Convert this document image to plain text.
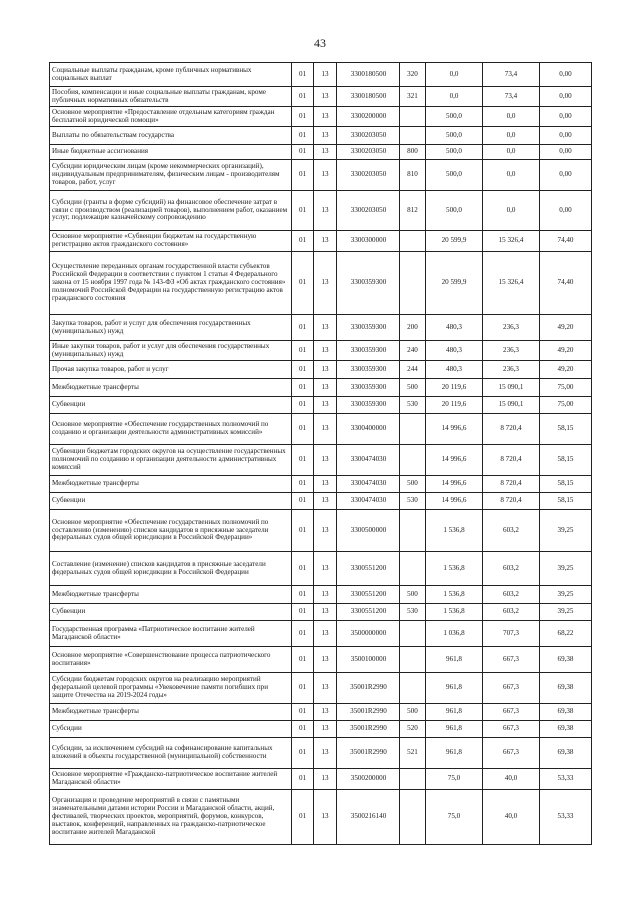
43
Социальные выплаты гражданам, кроме публичных нормативных социальных выплат	01	13	3300180500	320	0,0	73,4	0,00
Пособия, компенсации и иные социальные выплаты гражданам, кроме публичных нормативных обязательств	01	13	3300180500	321	0,0	73,4	0,00
Основное мероприятие «Предоставление отдельным категориям граждан бесплатной юридической помощи»	01	13	3300200000		500,0	0,0	0,00
Выплаты по обязательствам государства	01	13	3300203050		500,0	0,0	0,00
Иные бюджетные ассигнования	01	13	3300203050	800	500,0	0,0	0,00
Субсидии юридическим лицам (кроме некоммерческих организаций), индивидуальным предпринимателям, физическим лицам - производителям товаров, работ, услуг	01	13	3300203050	810	500,0	0,0	0,00
Субсидии (гранты в форме субсидий) на финансовое обеспечение затрат в связи с производством (реализацией товаров), выполнением работ, оказанием услуг, подлежащие казначейскому сопровождению	01	13	3300203050	812	500,0	0,0	0,00
Основное мероприятие «Субвенции бюджетам на государственную регистрацию актов гражданского состояния»	01	13	3300300000		20 599,9	15 326,4	74,40
Осуществление переданных органам государственной власти субъектов Российской Федерации в соответствии с пунктом 1 статьи 4 Федерального закона от 15 ноября 1997 года № 143-ФЗ «Об актах гражданского состояния» полномочий Российской Федерации на государственную регистрацию актов гражданского состояния	01	13	3300359300		20 599,9	15 326,4	74,40
Закупка товаров, работ и услуг для обеспечения государственных (муниципальных) нужд	01	13	3300359300	200	480,3	236,3	49,20
Иные закупки товаров, работ и услуг для обеспечения государственных (муниципальных) нужд	01	13	3300359300	240	480,3	236,3	49,20
Прочая закупка товаров, работ и услуг	01	13	3300359300	244	480,3	236,3	49,20
Межбюджетные трансферты	01	13	3300359300	500	20 119,6	15 090,1	75,00
Субвенции	01	13	3300359300	530	20 119,6	15 090,1	75,00
Основное мероприятие «Обеспечение государственных полномочий по созданию и организации деятельности административных комиссий»	01	13	3300400000		14 996,6	8 720,4	58,15
Субвенции бюджетам городских округов на осуществление государственных полномочий по созданию и организации деятельности административных комиссий	01	13	3300474030		14 996,6	8 720,4	58,15
Межбюджетные трансферты	01	13	3300474030	500	14 996,6	8 720,4	58,15
Субвенции	01	13	3300474030	530	14 996,6	8 720,4	58,15
Основное мероприятие «Обеспечение государственных полномочий по составлению (изменению) списков кандидатов в присяжные заседатели федеральных судов общей юрисдикции в Российской Федерации»	01	13	3300500000		1 536,8	603,2	39,25
Составление (изменение) списков кандидатов в присяжные заседатели федеральных судов общей юрисдикции в Российской Федерации	01	13	3300551200		1 536,8	603,2	39,25
Межбюджетные трансферты	01	13	3300551200	500	1 536,8	603,2	39,25
Субвенции	01	13	3300551200	530	1 536,8	603,2	39,25
Государственная программа «Патриотическое воспитание жителей Магаданской области»	01	13	3500000000		1 036,8	707,3	68,22
Основное мероприятие «Совершенствование процесса патриотического воспитания»	01	13	3500100000		961,8	667,3	69,38
Субсидии бюджетам городских округов на реализацию мероприятий федеральной целевой программы «Увековечение памяти погибших при защите Отечества на 2019-2024 годы»	01	13	35001R2990		961,8	667,3	69,38
Межбюджетные трансферты	01	13	35001R2990	500	961,8	667,3	69,38
Субсидии	01	13	35001R2990	520	961,8	667,3	69,38
Субсидии, за исключением субсидий на софинансирование капитальных вложений в объекты государственной (муниципальной) собственности	01	13	35001R2990	521	961,8	667,3	69,38
Основное мероприятие «Гражданско-патриотическое воспитание жителей Магаданской области»	01	13	3500200000		75,0	40,0	53,33
Организация и проведение мероприятий в связи с памятными знаменательными датами истории России и Магаданской области, акций, фестивалей, творческих проектов, мероприятий, форумов, конкурсов, выставок, конференций, направленных на гражданско-патриотическое воспитание жителей Магаданской	01	13	3500216140		75,0	40,0	53,33
